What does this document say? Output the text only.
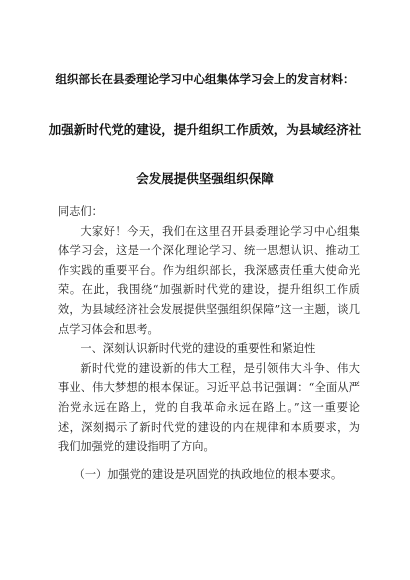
组织部长在县委理论学习中心组集体学习会上的发言材料：
加强新时代党的建设，提升组织工作质效，为县域经济社
会发展提供坚强组织保障

同志们：

大家好！今天，我们在这里召开县委理论学习中心组集体学习会，这是一个深化理论学习、统一思想认识、推动工作实践的重要平台。作为组织部长，我深感责任重大使命光荣。在此，我围绕“加强新时代党的建设，提升组织工作质效，为县域经济社会发展提供坚强组织保障”这一主题，谈几点学习体会和思考。

一、深刻认识新时代党的建设的重要性和紧迫性

新时代党的建设新的伟大工程，是引领伟大斗争、伟大事业、伟大梦想的根本保证。习近平总书记强调：“全面从严治党永远在路上，党的自我革命永远在路上。”这一重要论述，深刻揭示了新时代党的建设的内在规律和本质要求，为我们加强党的建设指明了方向。

（一）加强党的建设是巩固党的执政地位的根本要求。
